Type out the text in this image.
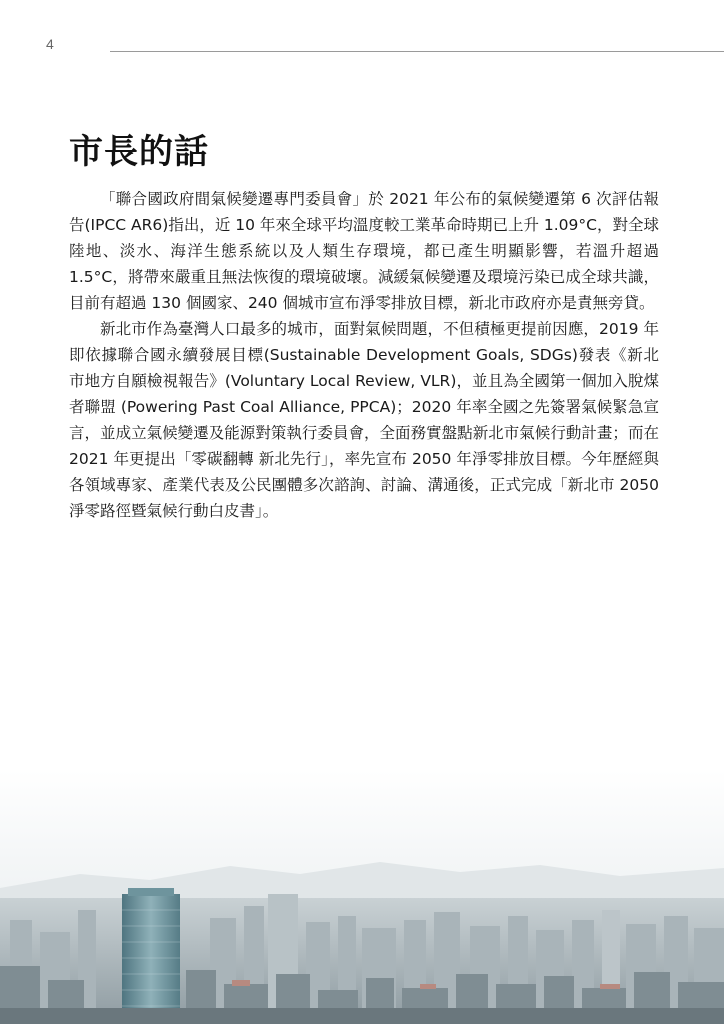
4
市長的話

「聯合國政府間氣候變遷專門委員會」於 2021 年公布的氣候變遷第 6 次評估報告(IPCC AR6)指出，近 10 年來全球平均溫度較工業革命時期已上升 1.09°C，對全球陸地、淡水、海洋生態系統以及人類生存環境，都已產生明顯影響，若溫升超過 1.5°C，將帶來嚴重且無法恢復的環境破壞。減緩氣候變遷及環境污染已成全球共識，目前有超過 130 個國家、240 個城市宣布淨零排放目標，新北市政府亦是責無旁貸。

新北市作為臺灣人口最多的城市，面對氣候問題，不但積極更提前因應，2019 年即依據聯合國永續發展目標(Sustainable Development Goals, SDGs)發表《新北市地方自願檢視報告》(Voluntary Local Review, VLR)，並且為全國第一個加入脫煤者聯盟 (Powering Past Coal Alliance, PPCA)；2020 年率全國之先簽署氣候緊急宣言，並成立氣候變遷及能源對策執行委員會，全面務實盤點新北市氣候行動計畫；而在 2021 年更提出「零碳翻轉 新北先行」，率先宣布 2050 年淨零排放目標。今年歷經與各領域專家、產業代表及公民團體多次諮詢、討論、溝通後，正式完成「新北市 2050 淨零路徑暨氣候行動白皮書」。
